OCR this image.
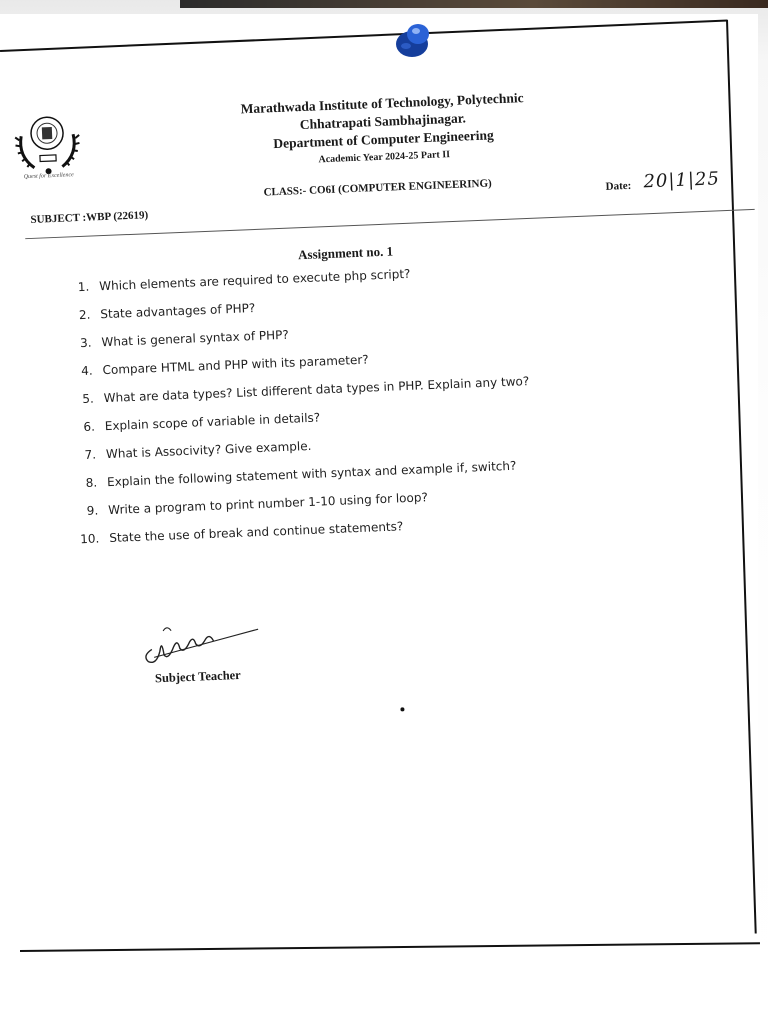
Quest for Excellence
Marathwada Institute of Technology, Polytechnic
Chhatrapati Sambhajinagar.
Department of Computer Engineering
Academic Year 2024-25 Part II
CLASS:- CO6I (COMPUTER ENGINEERING)	Date: 20|1|25
SUBJECT :WBP (22619)
Assignment no. 1
1. Which elements are required to execute php script?
2. State advantages of PHP?
3. What is general syntax of PHP?
4. Compare HTML and PHP with its parameter?
5. What are data types? List different data types in PHP. Explain any two?
6. Explain scope of variable in details?
7. What is Associvity? Give example.
8. Explain the following statement with syntax and example if, switch?
9. Write a program to print number 1-10 using for loop?
10. State the use of break and continue statements?
Subject Teacher
